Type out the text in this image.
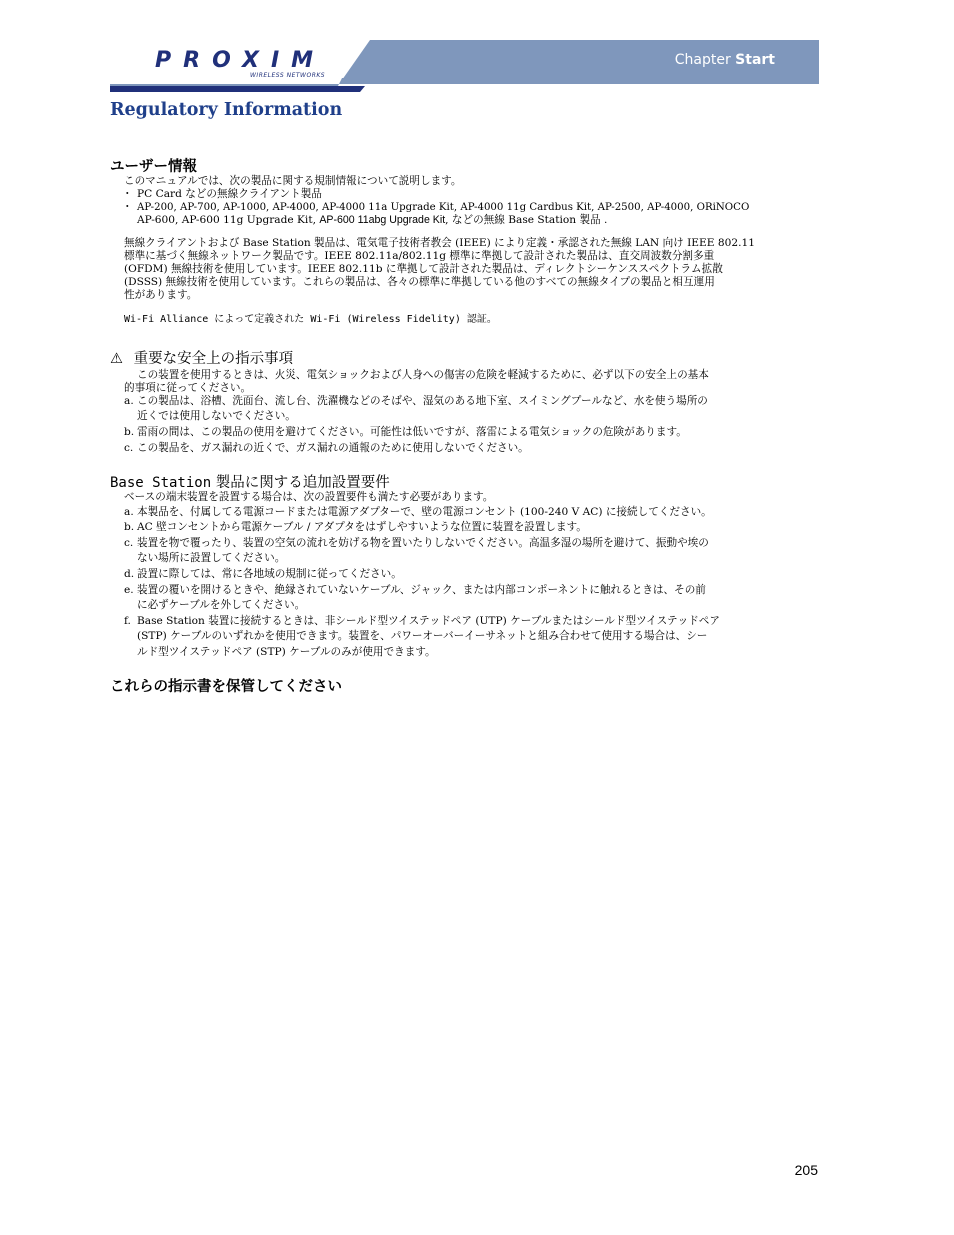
PROXIM
WIRELESS NETWORKS
Chapter Start
Regulatory Information
ユーザー情報
このマニュアルでは、次の製品に関する規制情報について説明します。
・ PC Card などの無線クライアント製品
・ AP-200, AP-700, AP-1000, AP-4000, AP-4000 11a Upgrade Kit, AP-4000 11g Cardbus Kit, AP-2500, AP-4000, ORiNOCO
AP-600, AP-600 11g Upgrade Kit, AP-600 11abg Upgrade Kit, などの無線 Base Station 製品 .
無線クライアントおよび Base Station 製品は、電気電子技術者教会 (IEEE) により定義・承認された無線 LAN 向け IEEE 802.11
標準に基づく無線ネットワーク製品です。IEEE 802.11a/802.11g 標準に準拠して設計された製品は、直交周波数分割多重
(OFDM) 無線技術を使用しています。IEEE 802.11b に準拠して設計された製品は、ディレクトシーケンススペクトラム拡散
(DSSS) 無線技術を使用しています。これらの製品は、各々の標準に準拠している他のすべての無線タイプの製品と相互運用
性があります。
Wi-Fi Alliance によって定義された Wi-Fi (Wireless Fidelity) 認証。
⚠ 重要な安全上の指示事項
この装置を使用するときは、火災、電気ショックおよび人身への傷害の危険を軽減するために、必ず以下の安全上の基本
的事項に従ってください。
a. この製品は、浴槽、洗面台、流し台、洗濯機などのそばや、湿気のある地下室、スイミングプールなど、水を使う場所の
近くでは使用しないでください。
b. 雷雨の間は、この製品の使用を避けてください。可能性は低いですが、落雷による電気ショックの危険があります。
c. この製品を、ガス漏れの近くで、ガス漏れの通報のために使用しないでください。
Base Station 製品に関する追加設置要件
ベースの端末装置を設置する場合は、次の設置要件も満たす必要があります。
a. 本製品を、付属してる電源コードまたは電源アダプターで、壁の電源コンセント (100-240 V AC) に接続してください。
b. AC 壁コンセントから電源ケーブル / アダプタをはずしやすいような位置に装置を設置します。
c. 装置を物で覆ったり、装置の空気の流れを妨げる物を置いたりしないでください。高温多湿の場所を避けて、振動や埃の
ない場所に設置してください。
d. 設置に際しては、常に各地域の規制に従ってください。
e. 装置の覆いを開けるときや、絶縁されていないケーブル、ジャック、または内部コンポーネントに触れるときは、その前
に必ずケーブルを外してください。
f. Base Station 装置に接続するときは、非シールド型ツイステッドペア (UTP) ケーブルまたはシールド型ツイステッドペア
(STP) ケーブルのいずれかを使用できます。装置を、パワーオーバーイーサネットと組み合わせて使用する場合は、シー
ルド型ツイステッドペア (STP) ケーブルのみが使用できます。
これらの指示書を保管してください
205
